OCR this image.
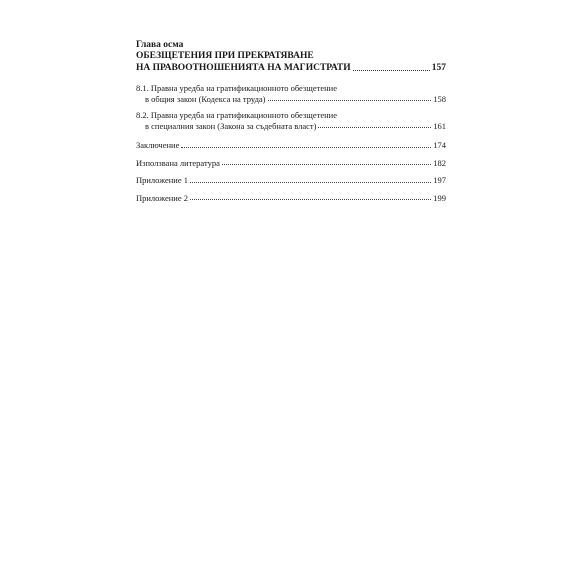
Глава осма

ОБЕЗЩЕТЕНИЯ ПРИ ПРЕКРАТЯВАНЕ

НА ПРАВООТНОШЕНИЯТА НА МАГИСТРАТИ	157
8.1. Правна уредба на гратификационното обезщетение
в общия закон (Кодекса на труда)	158
8.2. Правна уредба на гратификационното обезщетение
в специалния закон (Закона за съдебната власт)	161
Заключение	174
Използвана литература	182
Приложение 1	197
Приложение 2	199
